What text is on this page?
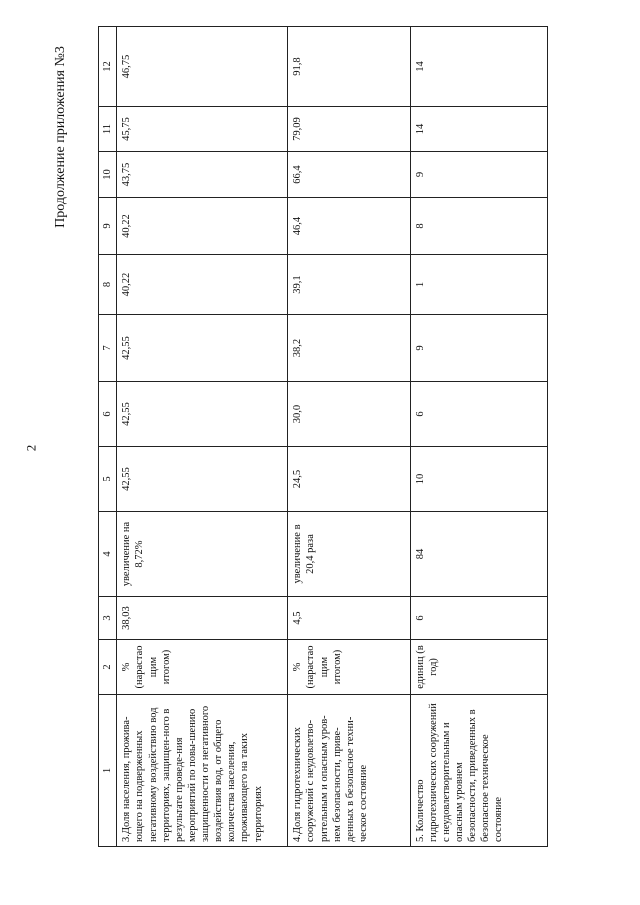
2
Продолжение приложения №3
1	2	3	4	5	6	7	8	9	10	11	12
3.Доля населения, прожива-ющего на подверженных негативному воздействию вод территориях, защищен-ного в результате проведе-ния мероприятий по повы-шению защищенности от негативного воздействия вод, от общего количества населения, проживающего на таких территориях	% (нарастао щим итогом)	38,03	увеличение на 8,72%	42,55	42,55	42,55	40,22	40,22	43,75	45,75	46,75
4.Доля гидротехнических сооружений с неудовлетво-рительным и опасным уров-нем безопасности, приве-денных в безопасное техни-ческое состояние	% (нарастао щим итогом)	4,5	увеличение в 20,4 раза	24,5	30,0	38,2	39,1	46,4	66,4	79,09	91,8
5. Количество гидротехнических сооружений с неудовлетворительным и опасным уровнем безопасности, приведенных в безопасное техническое состояние	единиц (в год)	6	84	10	6	9	1	8	9	14	14
